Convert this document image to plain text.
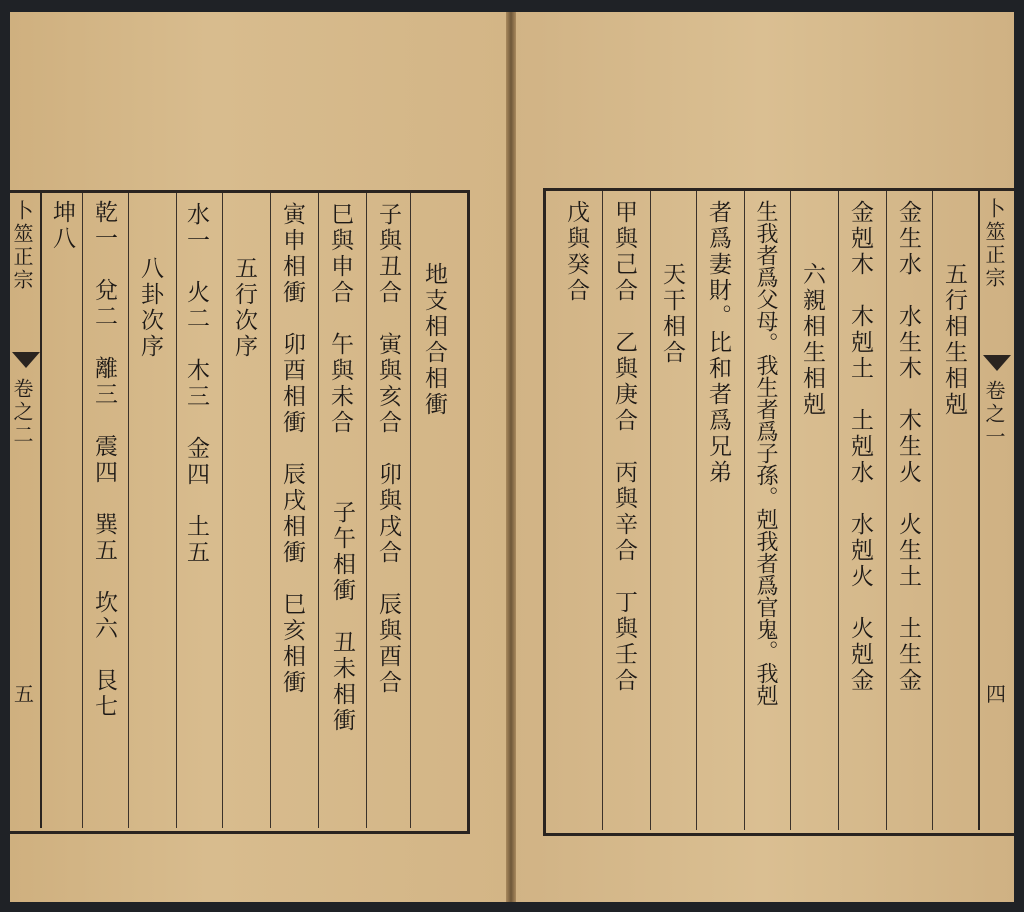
地支相合相衝
子與丑合　寅與亥合　卯與戌合　辰與酉合
巳與申合　午與未合
寅申相衝　卯酉相衝　辰戌相衝　巳亥相衝 子午相衝　丑未相衝
五行次序
水一　火二　木三　金四　土五
八卦次序
乾一　兌二　離三　震四　巽五　坎六　艮七
坤八
卜筮正宗
卷之二
五
卜筮正宗
卷之一
四
五行相生相剋
金生水　水生木　木生火　火生土　土生金
金剋木　木剋土　土剋水　水剋火　火剋金
六親相生相剋
生我者爲父母。我生者爲子孫。剋我者爲官鬼。我剋
者爲妻財。比和者爲兄弟
天干相合
甲與己合　乙與庚合　丙與辛合　丁與壬合
戊與癸合
